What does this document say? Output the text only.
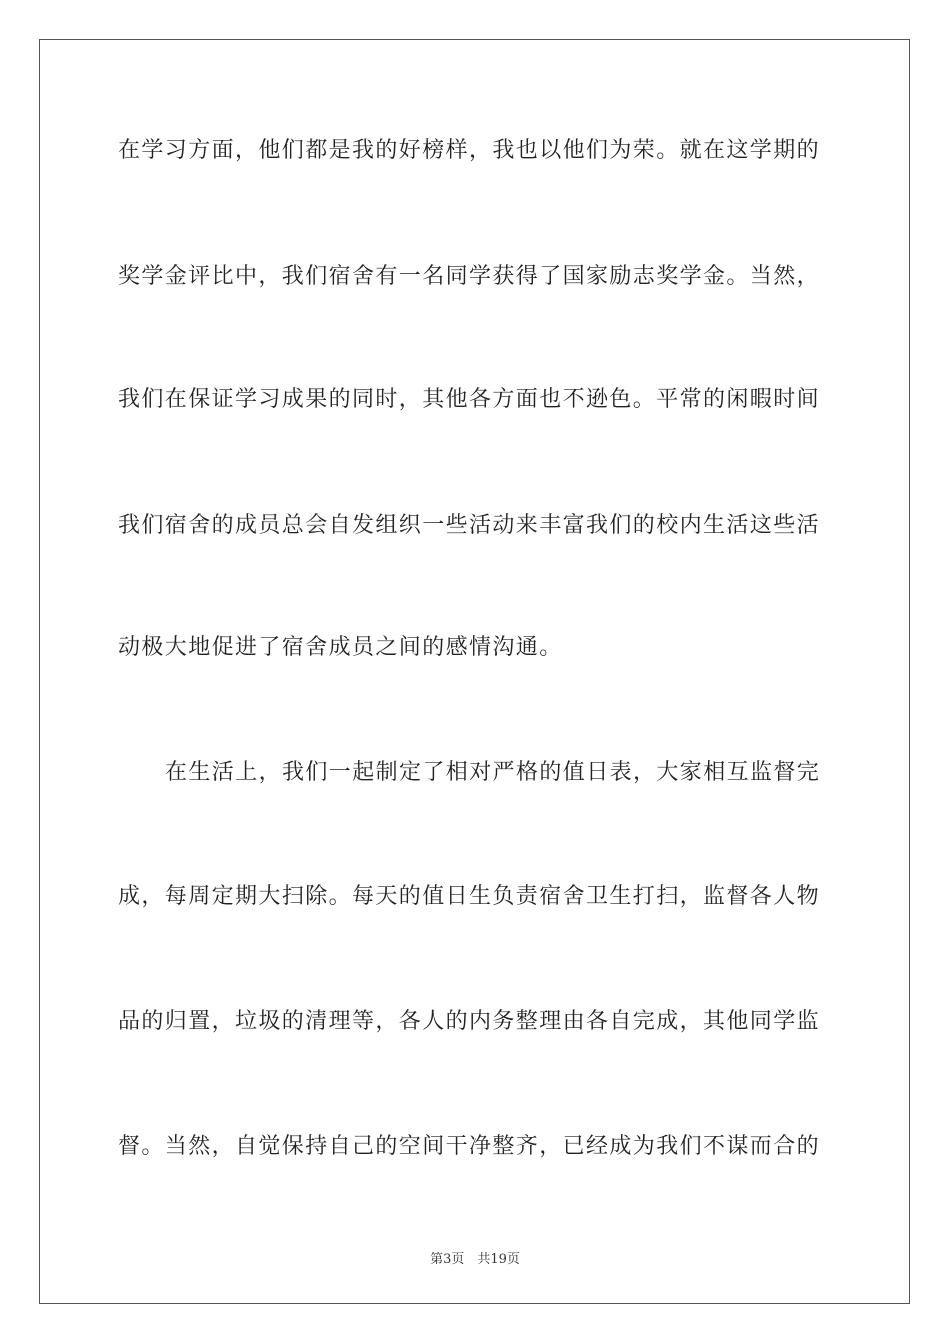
在学习方面，他们都是我的好榜样，我也以他们为荣。就在这学期的
奖学金评比中，我们宿舍有一名同学获得了国家励志奖学金。当然，
我们在保证学习成果的同时，其他各方面也不逊色。平常的闲暇时间
我们宿舍的成员总会自发组织一些活动来丰富我们的校内生活这些活
动极大地促进了宿舍成员之间的感情沟通。
在生活上，我们一起制定了相对严格的值日表，大家相互监督完
成，每周定期大扫除。每天的值日生负责宿舍卫生打扫，监督各人物
品的归置，垃圾的清理等，各人的内务整理由各自完成，其他同学监
督。当然，自觉保持自己的空间干净整齐，已经成为我们不谋而合的
第3页　共19页
